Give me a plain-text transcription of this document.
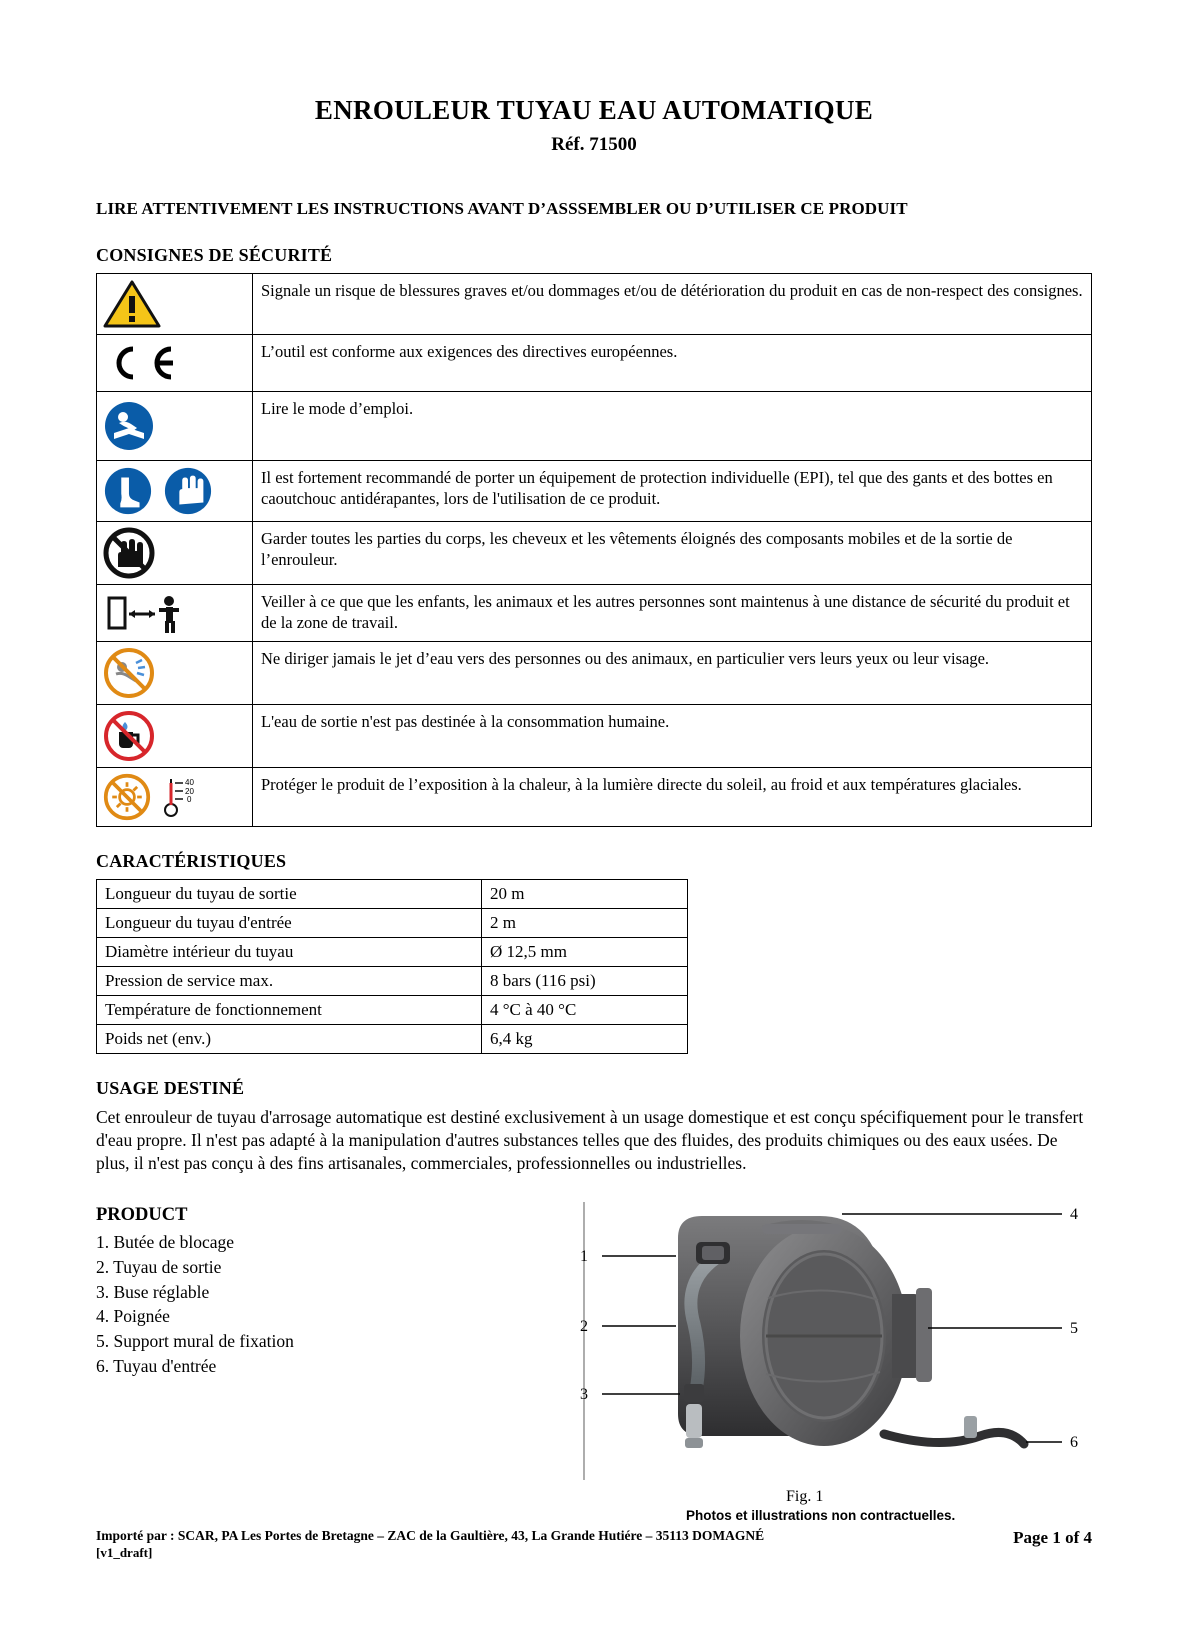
ENROULEUR TUYAU EAU AUTOMATIQUE
Réf. 71500
LIRE ATTENTIVEMENT LES INSTRUCTIONS AVANT D’ASSSEMBLER OU D’UTILISER CE PRODUIT
CONSIGNES DE SÉCURITÉ
	Signale un risque de blessures graves et/ou dommages et/ou de détérioration du produit en cas de non-respect des consignes.

	L’outil est conforme aux exigences des directives européennes.

	Lire le mode d’emploi.

	Il est fortement recommandé de porter un équipement de protection individuelle (EPI), tel que des gants et des bottes en caoutchouc antidérapantes, lors de l'utilisation de ce produit.

	Garder toutes les parties du corps, les cheveux et les vêtements éloignés des composants mobiles et de la sortie de l’enrouleur.

	Veiller à ce que que les enfants, les animaux et les autres personnes sont maintenus à une distance de sécurité du produit et de la zone de travail.

	Ne diriger jamais le jet d’eau vers des personnes ou des animaux, en particulier vers leurs yeux ou leur visage.

	L'eau de sortie n'est pas destinée à la consommation humaine.

40
20
0	Protéger le produit de l’exposition à la chaleur, à la lumière directe du soleil, au froid et aux températures glaciales.
CARACTÉRISTIQUES
Longueur du tuyau de sortie	20 m
Longueur du tuyau d'entrée	2 m
Diamètre intérieur du tuyau	Ø 12,5 mm
Pression de service max.	8 bars (116 psi)
Température de fonctionnement	4 °C à 40 °C
Poids net (env.)	6,4 kg
USAGE DESTINÉ
Cet enrouleur de tuyau d'arrosage automatique est destiné exclusivement à un usage domestique et est conçu spécifiquement pour le transfert d'eau propre. Il n'est pas adapté à la manipulation d'autres substances telles que des fluides, des produits chimiques ou des eaux usées. De plus, il n'est pas conçu à des fins artisanales, commerciales, professionnelles ou industrielles.
PRODUCT
1. Butée de blocage
2. Tuyau de sortie
3. Buse réglable
4. Poignée
5. Support mural de fixation
6. Tuyau d'entrée
1
2
3
4
5
6
Fig. 1
Photos et illustrations non contractuelles.
Importé par : SCAR, PA Les Portes de Bretagne – ZAC de la Gaultière, 43, La Grande Hutiére – 35113 DOMAGNÉ
[v1_draft]
Page 1 of 4
